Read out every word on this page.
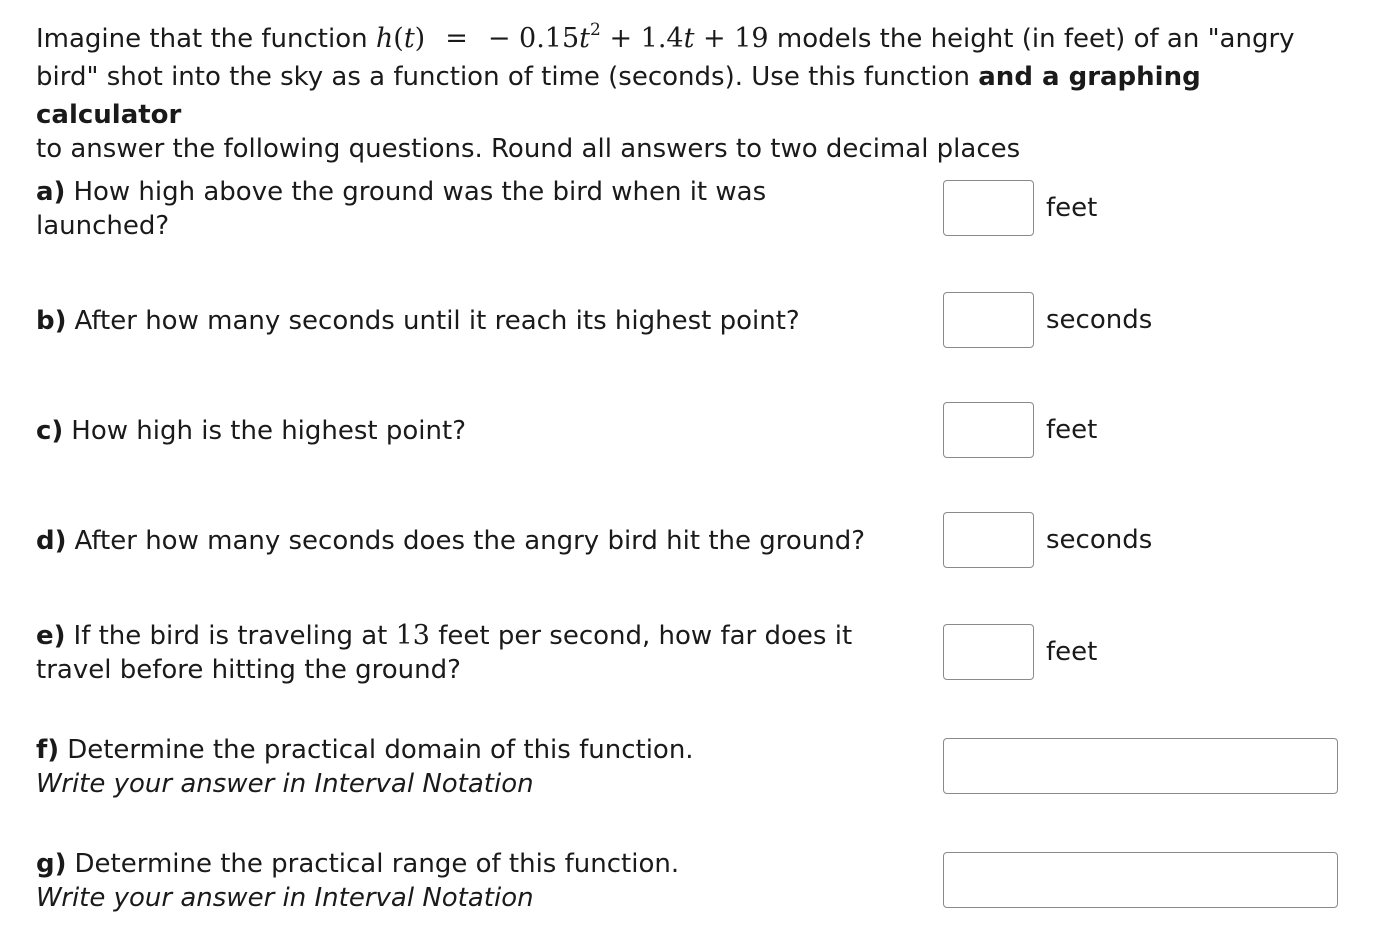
Imagine that the function h(t) = − $0.15t^2 + 1.4t + 19$ models the height (in feet) of an "angry
bird" shot into the sky as a function of time (seconds). Use this function and a graphing calculator
to answer the following questions. Round all answers to two decimal places
a) How high above the ground was the bird when it was
launched?
feet
b) After how many seconds until it reach its highest point?	seconds
c) How high is the highest point?	feet
d) After how many seconds does the angry bird hit the ground?	seconds
e) If the bird is traveling at 13 feet per second, how far does it
travel before hitting the ground?
feet
f) Determine the practical domain of this function.
Write your answer in Interval Notation
g) Determine the practical range of this function.
Write your answer in Interval Notation
